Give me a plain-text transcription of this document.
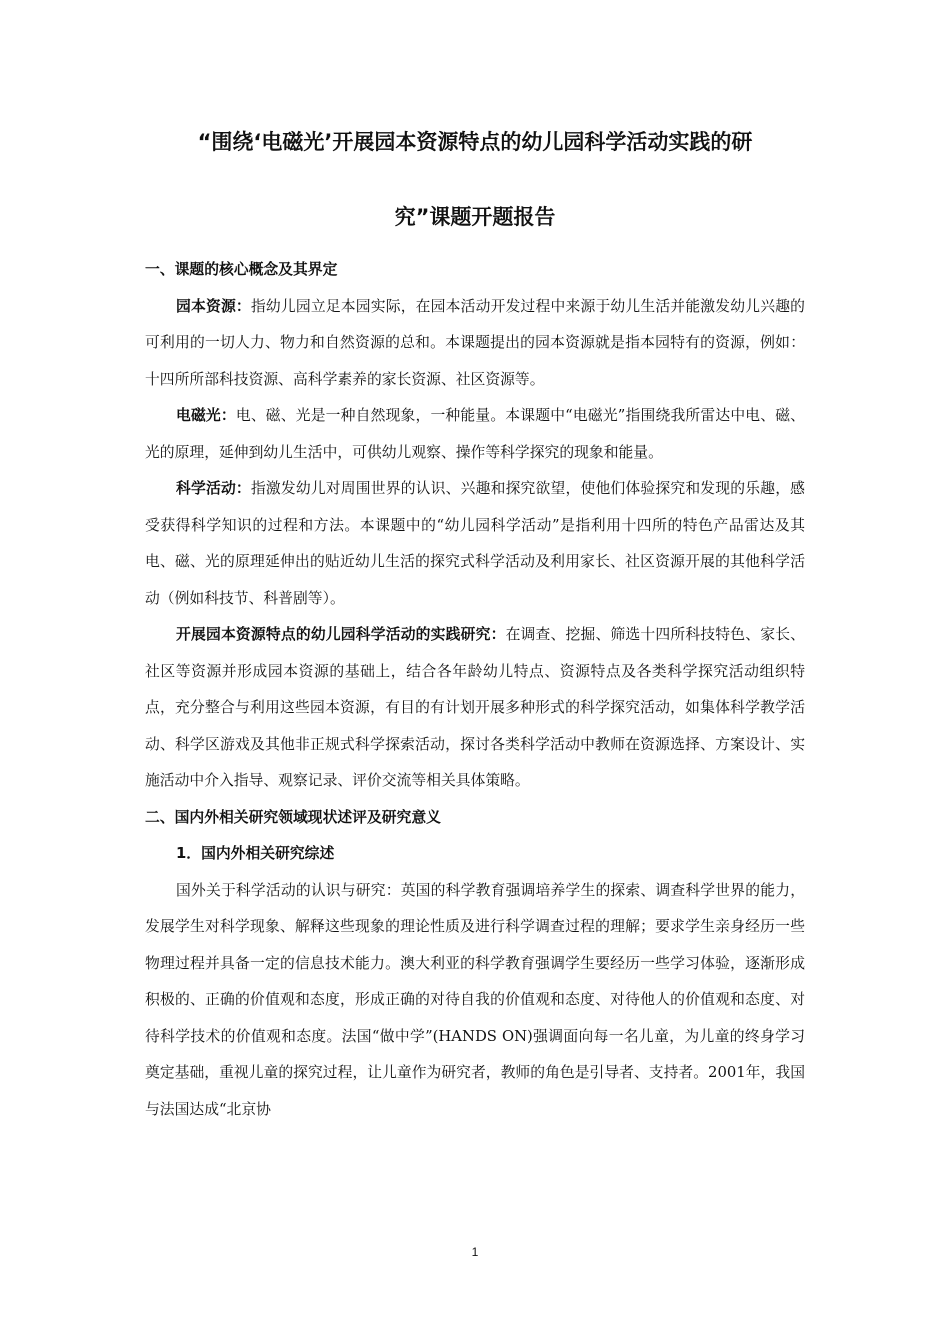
“围绕‘电磁光’开展园本资源特点的幼儿园科学活动实践的研
究”课题开题报告
一、课题的核心概念及其界定

园本资源：指幼儿园立足本园实际，在园本活动开发过程中来源于幼儿生活并能激发幼儿兴趣的可利用的一切人力、物力和自然资源的总和。本课题提出的园本资源就是指本园特有的资源，例如：十四所所部科技资源、高科学素养的家长资源、社区资源等。

电磁光：电、磁、光是一种自然现象，一种能量。本课题中“电磁光”指围绕我所雷达中电、磁、光的原理，延伸到幼儿生活中，可供幼儿观察、操作等科学探究的现象和能量。

科学活动：指激发幼儿对周围世界的认识、兴趣和探究欲望，使他们体验探究和发现的乐趣，感受获得科学知识的过程和方法。本课题中的“幼儿园科学活动”是指利用十四所的特色产品雷达及其电、磁、光的原理延伸出的贴近幼儿生活的探究式科学活动及利用家长、社区资源开展的其他科学活动（例如科技节、科普剧等）。

开展园本资源特点的幼儿园科学活动的实践研究：在调查、挖掘、筛选十四所科技特色、家长、社区等资源并形成园本资源的基础上，结合各年龄幼儿特点、资源特点及各类科学探究活动组织特点，充分整合与利用这些园本资源，有目的有计划开展多种形式的科学探究活动，如集体科学教学活动、科学区游戏及其他非正规式科学探索活动，探讨各类科学活动中教师在资源选择、方案设计、实施活动中介入指导、观察记录、评价交流等相关具体策略。

二、国内外相关研究领域现状述评及研究意义
1．国内外相关研究综述

国外关于科学活动的认识与研究：英国的科学教育强调培养学生的探索、调查科学世界的能力，发展学生对科学现象、解释这些现象的理论性质及进行科学调查过程的理解；要求学生亲身经历一些物理过程并具备一定的信息技术能力。澳大利亚的科学教育强调学生要经历一些学习体验，逐渐形成积极的、正确的价值观和态度，形成正确的对待自我的价值观和态度、对待他人的价值观和态度、对待科学技术的价值观和态度。法国“做中学”(HANDS ON)强调面向每一名儿童，为儿童的终身学习奠定基础，重视儿童的探究过程，让儿童作为研究者，教师的角色是引导者、支持者。2001年，我国与法国达成“北京协

1
